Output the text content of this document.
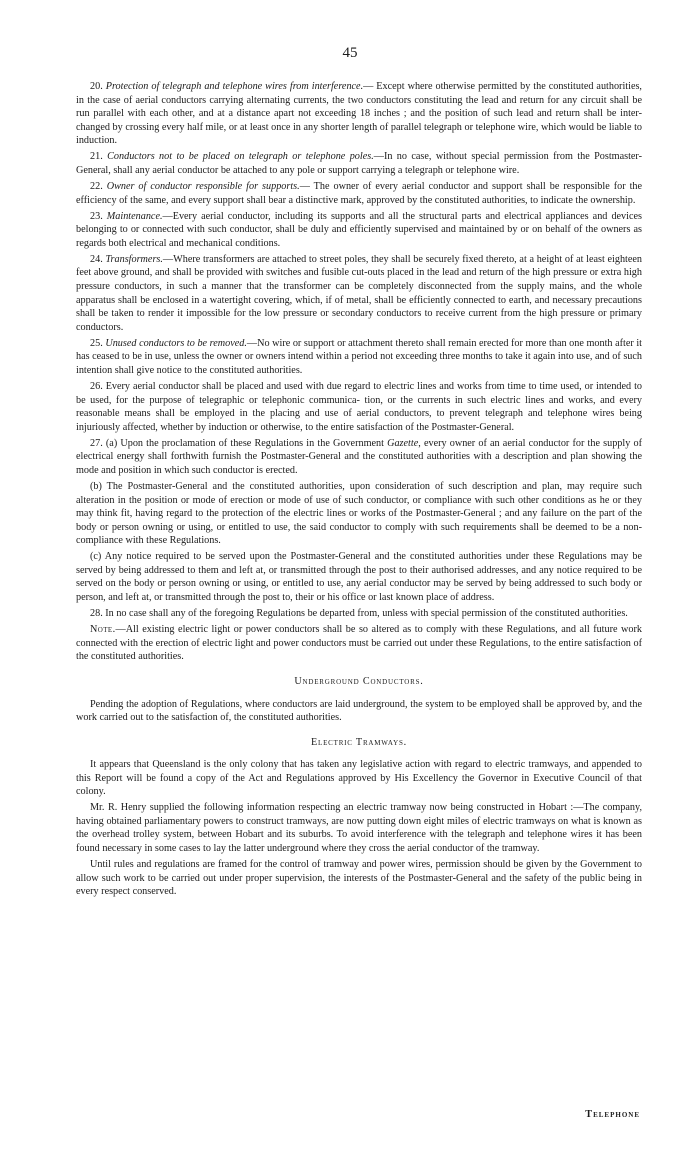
45

20. Protection of telegraph and telephone wires from interference.— Except where otherwise permitted by the constituted authorities, in the case of aerial conductors carrying alternating currents, the two conductors constituting the lead and return for any circuit shall be run parallel with each other, and at a distance apart not exceeding 18 inches ; and the position of such lead and return shall be inter- changed by crossing every half mile, or at least once in any shorter length of parallel telegraph or telephone wire, which would be liable to induction.

21. Conductors not to be placed on telegraph or telephone poles.—In no case, without special permission from the Postmaster-General, shall any aerial conductor be attached to any pole or support carrying a telegraph or telephone wire.

22. Owner of conductor responsible for supports.— The owner of every aerial conductor and support shall be responsible for the efficiency of the same, and every support shall bear a distinctive mark, approved by the constituted authorities, to indicate the ownership.

23. Maintenance.—Every aerial conductor, including its supports and all the structural parts and electrical appliances and devices belonging to or connected with such conductor, shall be duly and efficiently supervised and maintained by or on behalf of the owners as regards both electrical and mechanical conditions.

24. Transformers.—Where transformers are attached to street poles, they shall be securely fixed thereto, at a height of at least eighteen feet above ground, and shall be provided with switches and fusible cut-outs placed in the lead and return of the high pressure or extra high pressure conductors, in such a manner that the transformer can be completely disconnected from the supply mains, and the whole apparatus shall be enclosed in a watertight covering, which, if of metal, shall be efficiently connected to earth, and necessary precautions shall be taken to render it impossible for the low pressure or secondary conductors to receive current from the high pressure or primary conductors.

25. Unused conductors to be removed.—No wire or support or attachment thereto shall remain erected for more than one month after it has ceased to be in use, unless the owner or owners intend within a period not exceeding three months to take it again into use, and of such intention shall give notice to the constituted authorities.

26. Every aerial conductor shall be placed and used with due regard to electric lines and works from time to time used, or intended to be used, for the purpose of telegraphic or telephonic communica- tion, or the currents in such electric lines and works, and every reasonable means shall be employed in the placing and use of aerial conductors, to prevent telegraph and telephone wires being injuriously affected, whether by induction or otherwise, to the entire satisfaction of the Postmaster-General.

27. (a) Upon the proclamation of these Regulations in the Government Gazette, every owner of an aerial conductor for the supply of electrical energy shall forthwith furnish the Postmaster-General and the constituted authorities with a description and plan showing the mode and position in which such conductor is erected.

(b) The Postmaster-General and the constituted authorities, upon consideration of such description and plan, may require such alteration in the position or mode of erection or mode of use of such conductor, or compliance with such other conditions as he or they may think fit, having regard to the protection of the electric lines or works of the Postmaster-General ; and any failure on the part of the body or person owning or using, or entitled to use, the said conductor to comply with such requirements shall be deemed to be a non-compliance with these Regulations.

(c) Any notice required to be served upon the Postmaster-General and the constituted authorities under these Regulations may be served by being addressed to them and left at, or transmitted through the post to their authorised addresses, and any notice required to be served on the body or person owning or using, or entitled to use, any aerial conductor may be served by being addressed to such body or person, and left at, or transmitted through the post to, their or his office or last known place of address.

28. In no case shall any of the foregoing Regulations be departed from, unless with special permission of the constituted authorities.

Note.—All existing electric light or power conductors shall be so altered as to comply with these Regulations, and all future work connected with the erection of electric light and power conductors must be carried out under these Regulations, to the entire satisfaction of the constituted authorities.

Underground Conductors.

Pending the adoption of Regulations, where conductors are laid underground, the system to be employed shall be approved by, and the work carried out to the satisfaction of, the constituted authorities.

Electric Tramways.

It appears that Queensland is the only colony that has taken any legislative action with regard to electric tramways, and appended to this Report will be found a copy of the Act and Regulations approved by His Excellency the Governor in Executive Council of that colony.

Mr. R. Henry supplied the following information respecting an electric tramway now being constructed in Hobart :—The company, having obtained parliamentary powers to construct tramways, are now putting down eight miles of electric tramways on what is known as the overhead trolley system, between Hobart and its suburbs. To avoid interference with the telegraph and telephone wires it has been found necessary in some cases to lay the latter underground where they cross the aerial conductor of the tramway.

Until rules and regulations are framed for the control of tramway and power wires, permission should be given by the Government to allow such work to be carried out under proper supervision, the interests of the Postmaster-General and the safety of the public being in every respect conserved.

Telephone
